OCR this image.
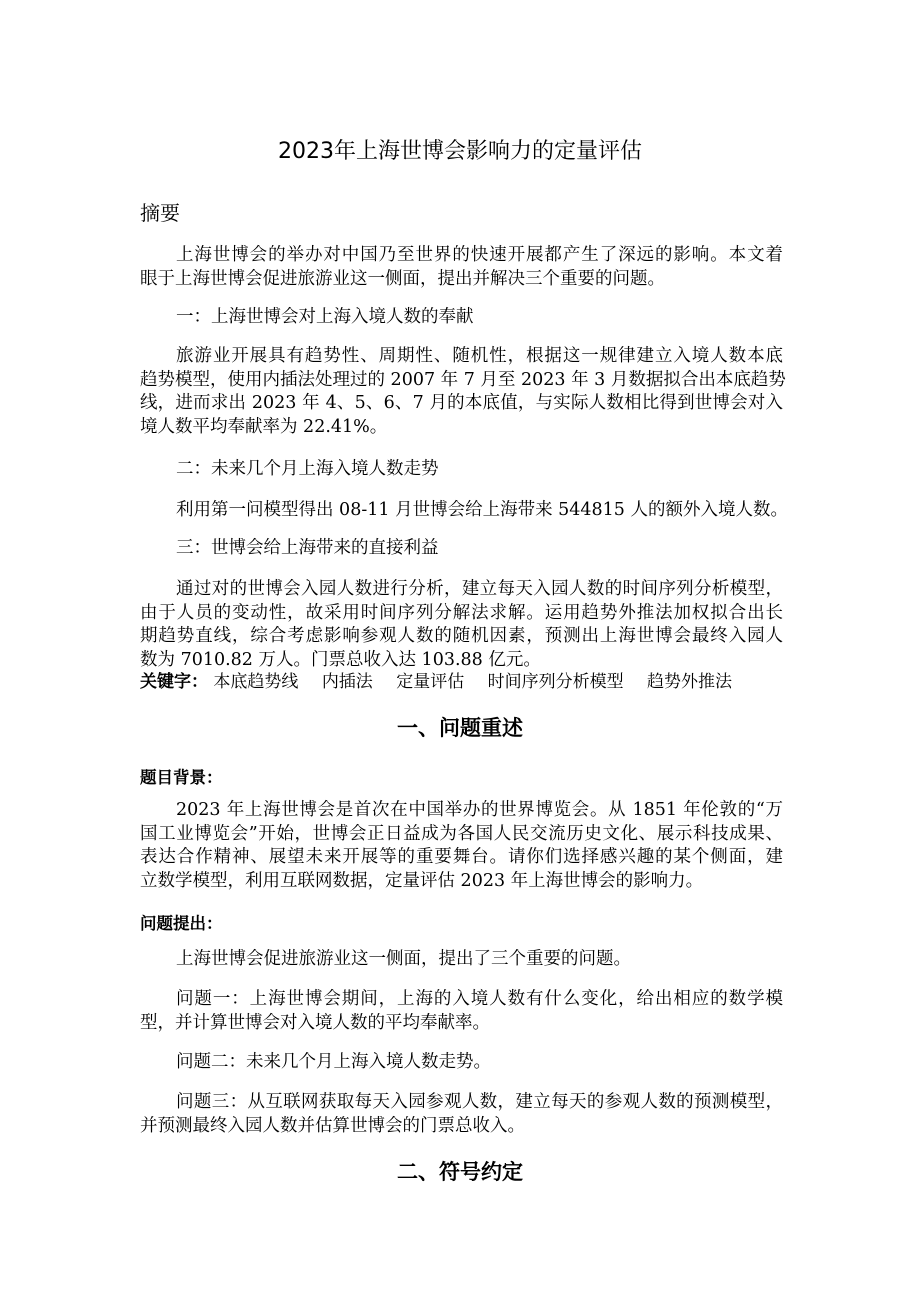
2023年上海世博会影响力的定量评估
摘要
上海世博会的举办对中国乃至世界的快速开展都产生了深远的影响。本文着
眼于上海世博会促进旅游业这一侧面，提出并解决三个重要的问题。
一：上海世博会对上海入境人数的奉献
旅游业开展具有趋势性、周期性、随机性，根据这一规律建立入境人数本底
趋势模型，使用内插法处理过的 2007 年 7 月至 2023 年 3 月数据拟合出本底趋势
线，进而求出 2023 年 4、5、6、7 月的本底值，与实际人数相比得到世博会对入
境人数平均奉献率为 22.41%。
二：未来几个月上海入境人数走势
利用第一问模型得出 08-11 月世博会给上海带来 544815 人的额外入境人数。
三：世博会给上海带来的直接利益
通过对的世博会入园人数进行分析，建立每天入园人数的时间序列分析模型，
由于人员的变动性，故采用时间序列分解法求解。运用趋势外推法加权拟合出长
期趋势直线，综合考虑影响参观人数的随机因素，预测出上海世博会最终入园人
数为 7010.82 万人。门票总收入达 103.88 亿元。
关键字： 本底趋势线 内插法 定量评估 时间序列分析模型 趋势外推法
一、问题重述
题目背景：
2023 年上海世博会是首次在中国举办的世界博览会。从 1851 年伦敦的“万
国工业博览会”开始，世博会正日益成为各国人民交流历史文化、展示科技成果、
表达合作精神、展望未来开展等的重要舞台。请你们选择感兴趣的某个侧面，建
立数学模型，利用互联网数据，定量评估 2023 年上海世博会的影响力。
问题提出：
上海世博会促进旅游业这一侧面，提出了三个重要的问题。
问题一：上海世博会期间，上海的入境人数有什么变化，给出相应的数学模
型，并计算世博会对入境人数的平均奉献率。
问题二：未来几个月上海入境人数走势。
问题三：从互联网获取每天入园参观人数，建立每天的参观人数的预测模型，
并预测最终入园人数并估算世博会的门票总收入。
二、符号约定
